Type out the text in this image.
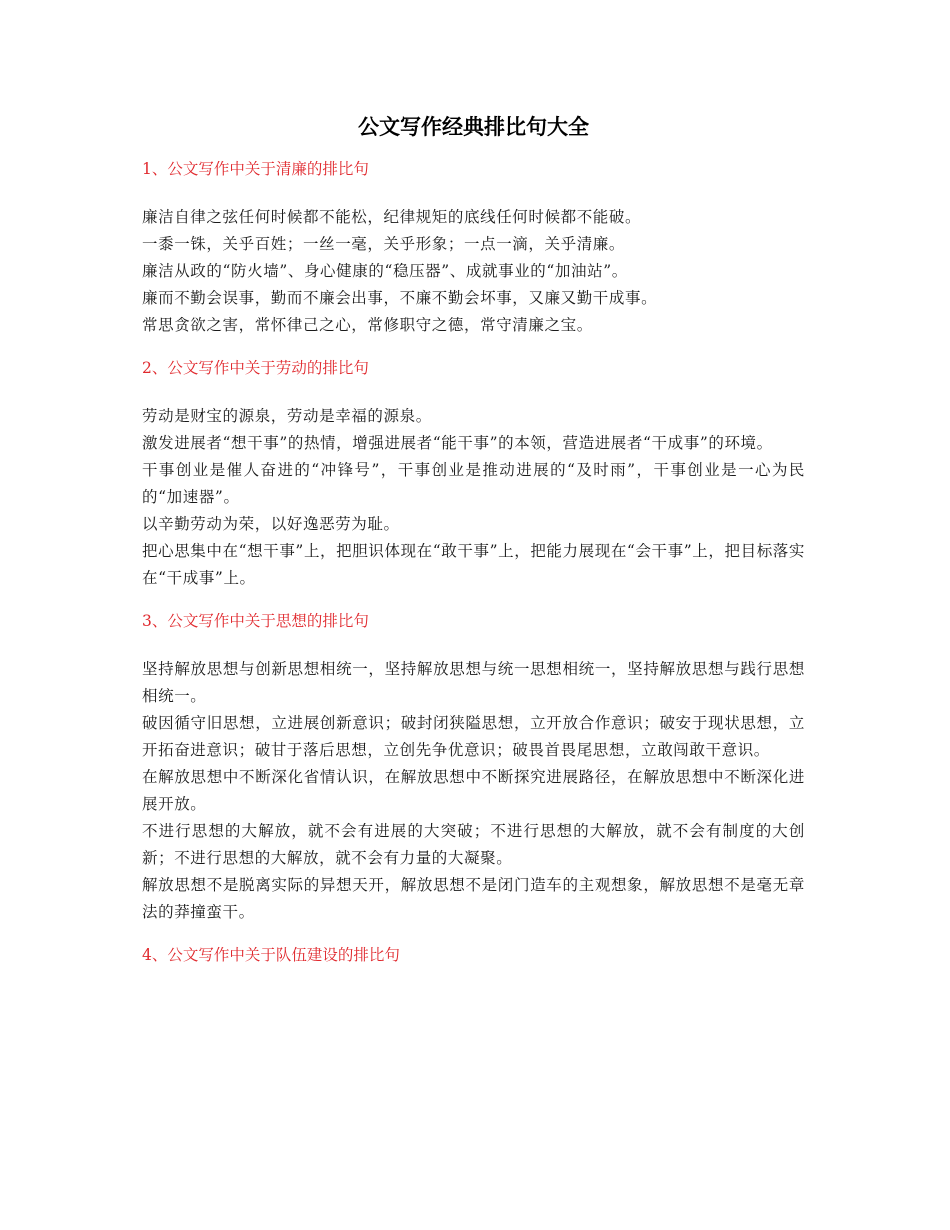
公文写作经典排比句大全
1、公文写作中关于清廉的排比句

廉洁自律之弦任何时候都不能松，纪律规矩的底线任何时候都不能破。

一黍一铢，关乎百姓；一丝一毫，关乎形象；一点一滴，关乎清廉。

廉洁从政的“防火墙”、身心健康的“稳压器”、成就事业的“加油站”。

廉而不勤会误事，勤而不廉会出事，不廉不勤会坏事，又廉又勤干成事。

常思贪欲之害，常怀律己之心，常修职守之德，常守清廉之宝。

2、公文写作中关于劳动的排比句

劳动是财宝的源泉，劳动是幸福的源泉。

激发进展者“想干事”的热情，增强进展者“能干事”的本领，营造进展者“干成事”的环境。

干事创业是催人奋进的“冲锋号”，干事创业是推动进展的“及时雨”，干事创业是一心为民的“加速器”。

以辛勤劳动为荣，以好逸恶劳为耻。

把心思集中在“想干事”上，把胆识体现在“敢干事”上，把能力展现在“会干事”上，把目标落实在“干成事”上。

3、公文写作中关于思想的排比句

坚持解放思想与创新思想相统一，坚持解放思想与统一思想相统一，坚持解放思想与践行思想相统一。

破因循守旧思想，立进展创新意识；破封闭狭隘思想，立开放合作意识；破安于现状思想，立开拓奋进意识；破甘于落后思想，立创先争优意识；破畏首畏尾思想，立敢闯敢干意识。

在解放思想中不断深化省情认识，在解放思想中不断探究进展路径，在解放思想中不断深化进展开放。

不进行思想的大解放，就不会有进展的大突破；不进行思想的大解放，就不会有制度的大创新；不进行思想的大解放，就不会有力量的大凝聚。

解放思想不是脱离实际的异想天开，解放思想不是闭门造车的主观想象，解放思想不是毫无章法的莽撞蛮干。

4、公文写作中关于队伍建设的排比句
